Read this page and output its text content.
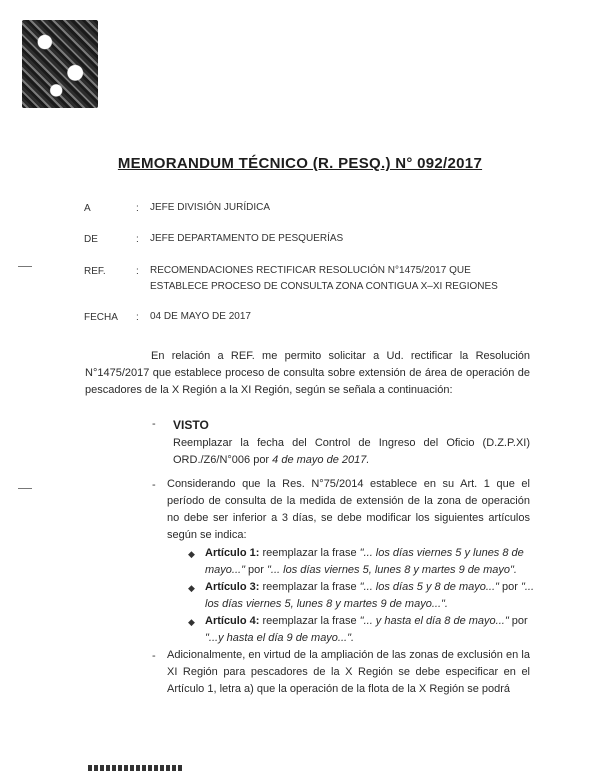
MEMORANDUM TÉCNICO (R. PESQ.) N° 092/2017
A	: JEFE DIVISIÓN JURÍDICA
DE	: JEFE DEPARTAMENTO DE PESQUERÍAS
REF.	: RECOMENDACIONES RECTIFICAR RESOLUCIÓN N°1475/2017 QUE ESTABLECE PROCESO DE CONSULTA ZONA CONTIGUA X–XI REGIONES
FECHA : 04 DE MAYO DE 2017
En relación a REF. me permito solicitar a Ud. rectificar la Resolución N°1475/2017 que establece proceso de consulta sobre extensión de área de operación de pescadores de la X Región a la XI Región, según se señala a continuación:
- VISTO
Reemplazar la fecha del Control de Ingreso del Oficio (D.Z.P.XI) ORD./Z6/N°006 por 4 de mayo de 2017.
- Considerando que la Res. N°75/2014 establece en su Art. 1 que el período de consulta de la medida de extensión de la zona de operación no debe ser inferior a 3 días, se debe modificar los siguientes artículos según se indica:
◆ Artículo 1: reemplazar la frase "... los días viernes 5 y lunes 8 de mayo..." por "... los días viernes 5, lunes 8 y martes 9 de mayo".
◆ Artículo 3: reemplazar la frase "... los días 5 y 8 de mayo..." por "... los días viernes 5, lunes 8 y martes 9 de mayo...".
◆ Artículo 4: reemplazar la frase "... y hasta el día 8 de mayo..." por "...y hasta el día 9 de mayo...".
- Adicionalmente, en virtud de la ampliación de las zonas de exclusión en la XI Región para pescadores de la X Región se debe especificar en el Artículo 1, letra a) que la operación de la flota de la X Región se podrá
